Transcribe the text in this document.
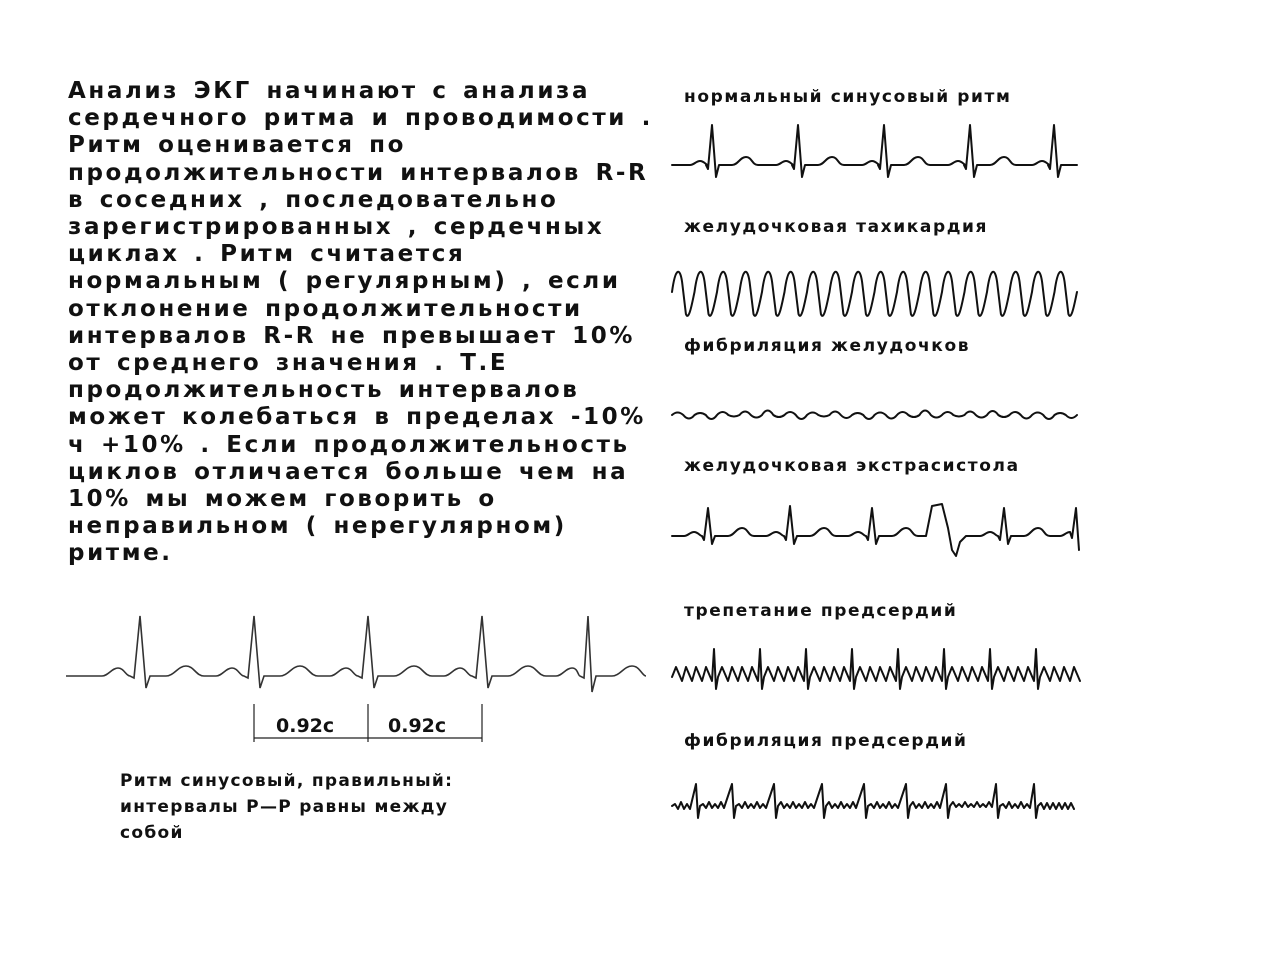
Анализ ЭКГ начинают с анализа
сердечного ритма и проводимости .
Ритм оценивается по
продолжительности интервалов R-R
в соседних , последовательно
зарегистрированных , сердечных
циклах . Ритм считается
нормальным ( регулярным) , если
отклонение продолжительности
интервалов R-R не превышает 10%
от среднего значения . Т.Е
продолжительность интервалов
может колебаться в пределах -10%
ч +10% . Если продолжительность
циклов отличается больше чем на
10% мы можем говорить о
неправильном ( нерегулярном)
ритме.
нормальный синусовый ритм
желудочковая тахикардия
фибриляция желудочков
желудочковая экстрасистола
трепетание предсердий
фибриляция предсердий
0.92с	0.92с
Ритм синусовый, правильный:
интервалы P—P равны между
собой
